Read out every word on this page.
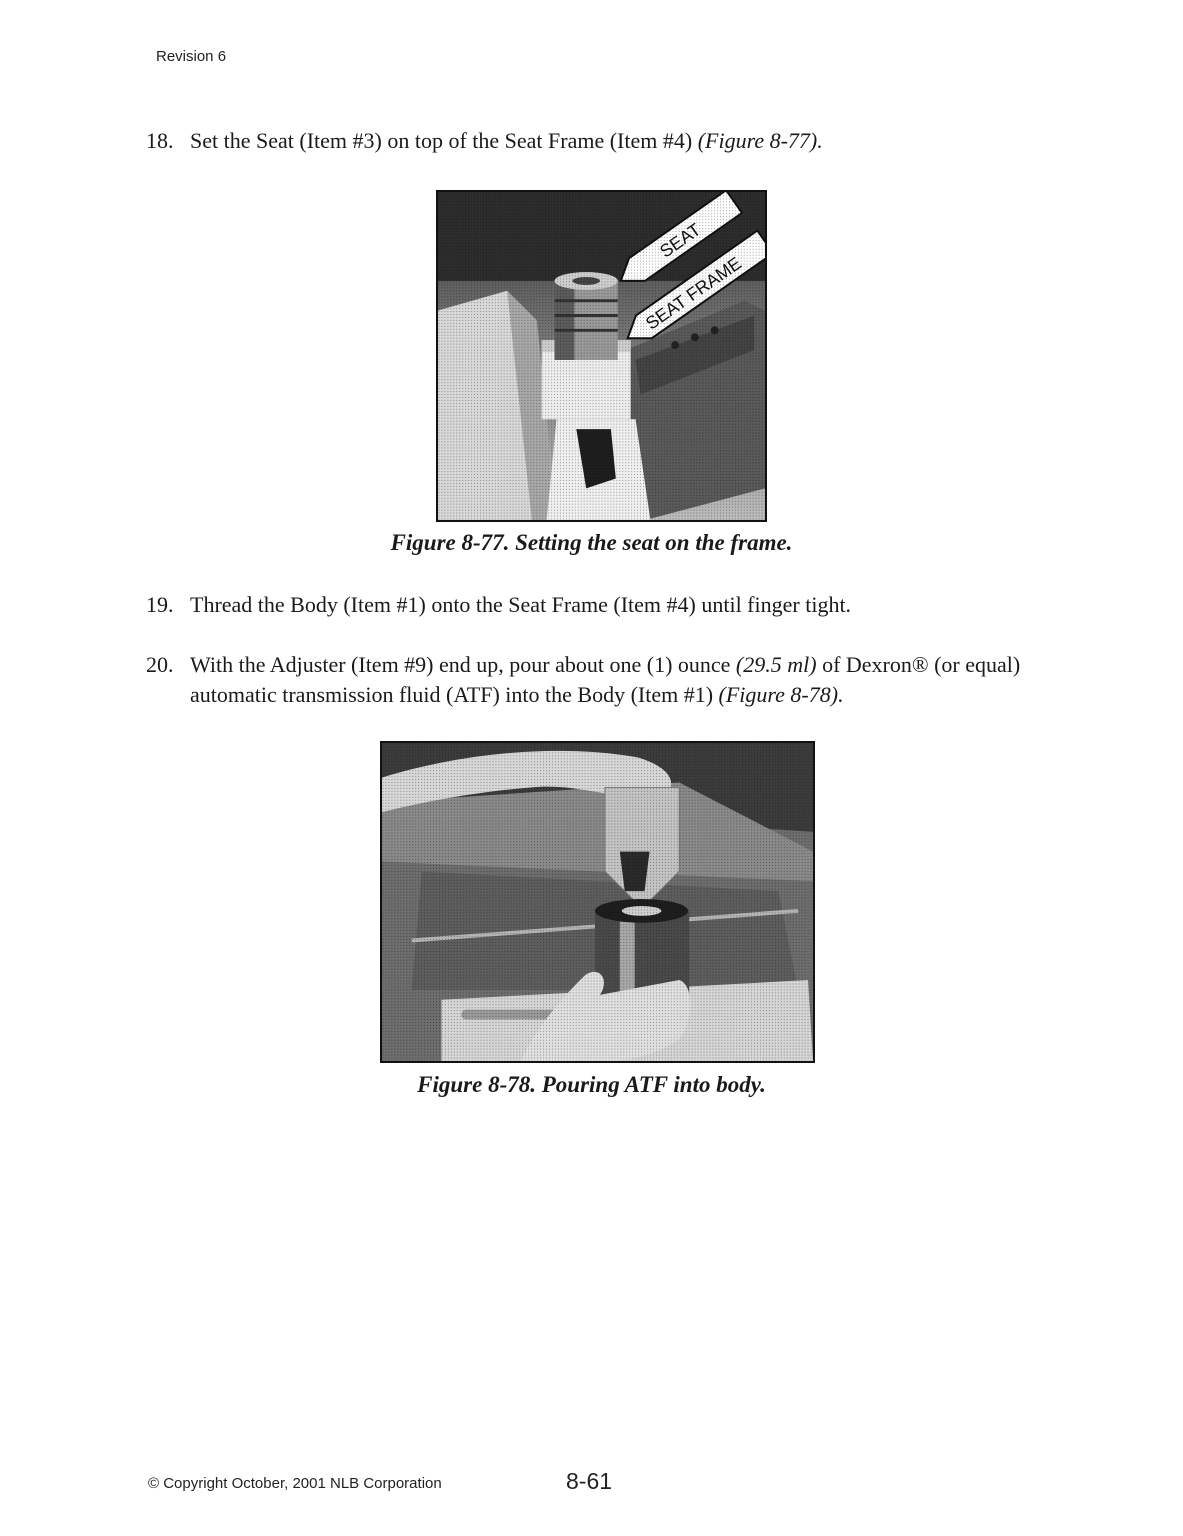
Revision 6
18. Set the Seat (Item #3) on top of the Seat Frame (Item #4) (Figure 8-77).
Figure 8-77. Setting the seat on the frame.
19. Thread the Body (Item #1) onto the Seat Frame (Item #4) until finger tight.
20. With the Adjuster (Item #9) end up, pour about one (1) ounce (29.5 ml) of Dexron® (or equal) automatic transmission fluid (ATF) into the Body (Item #1) (Figure 8-78).
Figure 8-78. Pouring ATF into body.
© Copyright October, 2001 NLB Corporation	8-61
